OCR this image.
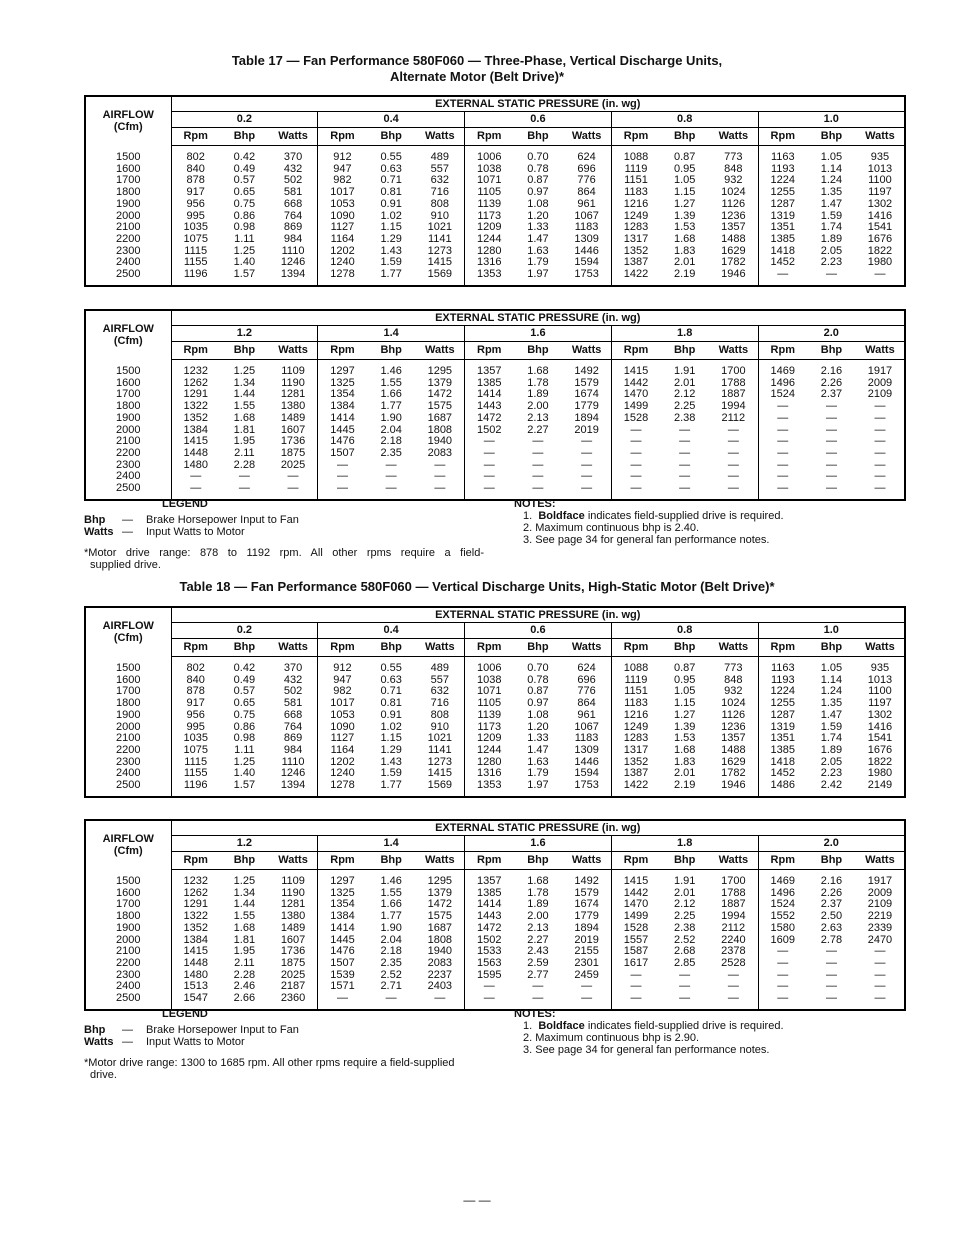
Table 17 — Fan Performance 580F060 — Three-Phase, Vertical Discharge Units,
Alternate Motor (Belt Drive)*
AIRFLOW
(Cfm)	EXTERNAL STATIC PRESSURE (in. wg)														
	0.2			0.4			0.6			0.8			1.0		
	Rpm	Bhp	Watts	Rpm	Bhp	Watts	Rpm	Bhp	Watts	Rpm	Bhp	Watts	Rpm	Bhp	Watts
1500	802	0.42	370	912	0.55	489	1006	0.70	624	1088	0.87	773	1163	1.05	935
1600	840	0.49	432	947	0.63	557	1038	0.78	696	1119	0.95	848	1193	1.14	1013
1700	878	0.57	502	982	0.71	632	1071	0.87	776	1151	1.05	932	1224	1.24	1100
1800	917	0.65	581	1017	0.81	716	1105	0.97	864	1183	1.15	1024	1255	1.35	1197
1900	956	0.75	668	1053	0.91	808	1139	1.08	961	1216	1.27	1126	1287	1.47	1302
2000	995	0.86	764	1090	1.02	910	1173	1.20	1067	1249	1.39	1236	1319	1.59	1416
2100	1035	0.98	869	1127	1.15	1021	1209	1.33	1183	1283	1.53	1357	1351	1.74	1541
2200	1075	1.11	984	1164	1.29	1141	1244	1.47	1309	1317	1.68	1488	1385	1.89	1676
2300	1115	1.25	1110	1202	1.43	1273	1280	1.63	1446	1352	1.83	1629	1418	2.05	1822
2400	1155	1.40	1246	1240	1.59	1415	1316	1.79	1594	1387	2.01	1782	1452	2.23	1980
2500	1196	1.57	1394	1278	1.77	1569	1353	1.97	1753	1422	2.19	1946	—	—	—
AIRFLOW
(Cfm)	EXTERNAL STATIC PRESSURE (in. wg)														
	1.2			1.4			1.6			1.8			2.0		
	Rpm	Bhp	Watts	Rpm	Bhp	Watts	Rpm	Bhp	Watts	Rpm	Bhp	Watts	Rpm	Bhp	Watts
1500	1232	1.25	1109	1297	1.46	1295	1357	1.68	1492	1415	1.91	1700	1469	2.16	1917
1600	1262	1.34	1190	1325	1.55	1379	1385	1.78	1579	1442	2.01	1788	1496	2.26	2009
1700	1291	1.44	1281	1354	1.66	1472	1414	1.89	1674	1470	2.12	1887	1524	2.37	2109
1800	1322	1.55	1380	1384	1.77	1575	1443	2.00	1779	1499	2.25	1994	—	—	—
1900	1352	1.68	1489	1414	1.90	1687	1472	2.13	1894	1528	2.38	2112	—	—	—
2000	1384	1.81	1607	1445	2.04	1808	1502	2.27	2019	—	—	—	—	—	—
2100	1415	1.95	1736	1476	2.18	1940	—	—	—	—	—	—	—	—	—
2200	1448	2.11	1875	1507	2.35	2083	—	—	—	—	—	—	—	—	—
2300	1480	2.28	2025	—	—	—	—	—	—	—	—	—	—	—	—
2400	—	—	—	—	—	—	—	—	—	—	—	—	—	—	—
2500	—	—	—	—	—	—	—	—	—	—	—	—	—	—	—
LEGEND
Bhp — Brake Horsepower Input to Fan
Watts — Input Watts to Motor
NOTES:
1. Boldface indicates field-supplied drive is required.
2. Maximum continuous bhp is 2.40.
3. See page 34 for general fan performance notes.
*Motor drive range: 878 to 1192 rpm. All other rpms require a field-
supplied drive.
Table 18 — Fan Performance 580F060 — Vertical Discharge Units, High-Static Motor (Belt Drive)*
AIRFLOW
(Cfm)	EXTERNAL STATIC PRESSURE (in. wg)														
	0.2			0.4			0.6			0.8			1.0		
	Rpm	Bhp	Watts	Rpm	Bhp	Watts	Rpm	Bhp	Watts	Rpm	Bhp	Watts	Rpm	Bhp	Watts
1500	802	0.42	370	912	0.55	489	1006	0.70	624	1088	0.87	773	1163	1.05	935
1600	840	0.49	432	947	0.63	557	1038	0.78	696	1119	0.95	848	1193	1.14	1013
1700	878	0.57	502	982	0.71	632	1071	0.87	776	1151	1.05	932	1224	1.24	1100
1800	917	0.65	581	1017	0.81	716	1105	0.97	864	1183	1.15	1024	1255	1.35	1197
1900	956	0.75	668	1053	0.91	808	1139	1.08	961	1216	1.27	1126	1287	1.47	1302
2000	995	0.86	764	1090	1.02	910	1173	1.20	1067	1249	1.39	1236	1319	1.59	1416
2100	1035	0.98	869	1127	1.15	1021	1209	1.33	1183	1283	1.53	1357	1351	1.74	1541
2200	1075	1.11	984	1164	1.29	1141	1244	1.47	1309	1317	1.68	1488	1385	1.89	1676
2300	1115	1.25	1110	1202	1.43	1273	1280	1.63	1446	1352	1.83	1629	1418	2.05	1822
2400	1155	1.40	1246	1240	1.59	1415	1316	1.79	1594	1387	2.01	1782	1452	2.23	1980
2500	1196	1.57	1394	1278	1.77	1569	1353	1.97	1753	1422	2.19	1946	1486	2.42	2149
AIRFLOW
(Cfm)	EXTERNAL STATIC PRESSURE (in. wg)														
	1.2			1.4			1.6			1.8			2.0		
	Rpm	Bhp	Watts	Rpm	Bhp	Watts	Rpm	Bhp	Watts	Rpm	Bhp	Watts	Rpm	Bhp	Watts
1500	1232	1.25	1109	1297	1.46	1295	1357	1.68	1492	1415	1.91	1700	1469	2.16	1917
1600	1262	1.34	1190	1325	1.55	1379	1385	1.78	1579	1442	2.01	1788	1496	2.26	2009
1700	1291	1.44	1281	1354	1.66	1472	1414	1.89	1674	1470	2.12	1887	1524	2.37	2109
1800	1322	1.55	1380	1384	1.77	1575	1443	2.00	1779	1499	2.25	1994	1552	2.50	2219
1900	1352	1.68	1489	1414	1.90	1687	1472	2.13	1894	1528	2.38	2112	1580	2.63	2339
2000	1384	1.81	1607	1445	2.04	1808	1502	2.27	2019	1557	2.52	2240	1609	2.78	2470
2100	1415	1.95	1736	1476	2.18	1940	1533	2.43	2155	1587	2.68	2378	—	—	—
2200	1448	2.11	1875	1507	2.35	2083	1563	2.59	2301	1617	2.85	2528	—	—	—
2300	1480	2.28	2025	1539	2.52	2237	1595	2.77	2459	—	—	—	—	—	—
2400	1513	2.46	2187	1571	2.71	2403	—	—	—	—	—	—	—	—	—
2500	1547	2.66	2360	—	—	—	—	—	—	—	—	—	—	—	—
LEGEND
Bhp — Brake Horsepower Input to Fan
Watts — Input Watts to Motor
NOTES:
1. Boldface indicates field-supplied drive is required.
2. Maximum continuous bhp is 2.90.
3. See page 34 for general fan performance notes.
*Motor drive range: 1300 to 1685 rpm. All other rpms require a field-supplied
drive.
— —
